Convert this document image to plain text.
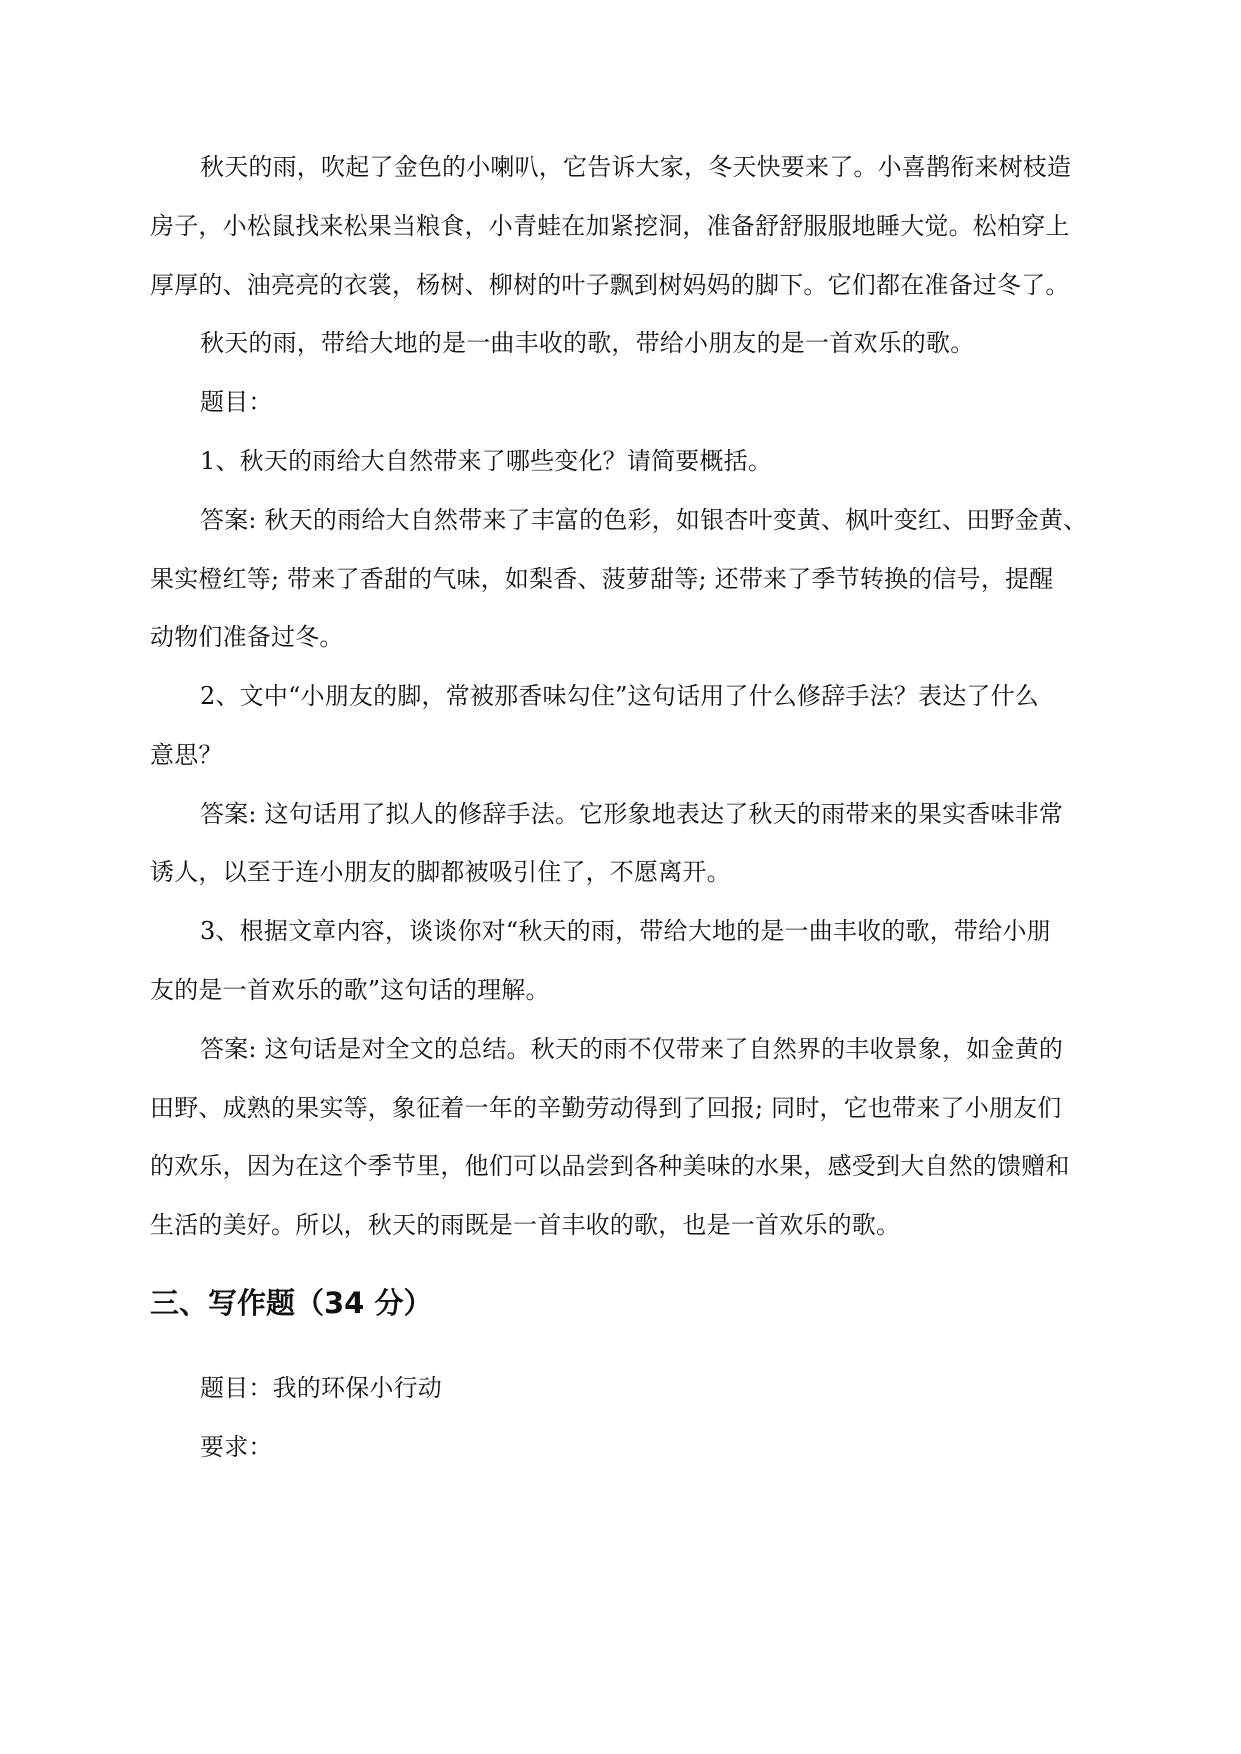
秋天的雨，吹起了金色的小喇叭，它告诉大家，冬天快要来了。小喜鹊衔来树枝造
房子，小松鼠找来松果当粮食，小青蛙在加紧挖洞，准备舒舒服服地睡大觉。松柏穿上
厚厚的、油亮亮的衣裳，杨树、柳树的叶子飘到树妈妈的脚下。它们都在准备过冬了。
秋天的雨，带给大地的是一曲丰收的歌，带给小朋友的是一首欢乐的歌。
题目：
1、秋天的雨给大自然带来了哪些变化？请简要概括。
答案: 秋天的雨给大自然带来了丰富的色彩，如银杏叶变黄、枫叶变红、田野金黄、
果实橙红等; 带来了香甜的气味，如梨香、菠萝甜等; 还带来了季节转换的信号，提醒
动物们准备过冬。
2、文中“小朋友的脚，常被那香味勾住”这句话用了什么修辞手法？表达了什么
意思？
答案: 这句话用了拟人的修辞手法。它形象地表达了秋天的雨带来的果实香味非常
诱人，以至于连小朋友的脚都被吸引住了，不愿离开。
3、根据文章内容，谈谈你对“秋天的雨，带给大地的是一曲丰收的歌，带给小朋
友的是一首欢乐的歌”这句话的理解。
答案: 这句话是对全文的总结。秋天的雨不仅带来了自然界的丰收景象，如金黄的
田野、成熟的果实等，象征着一年的辛勤劳动得到了回报; 同时，它也带来了小朋友们
的欢乐，因为在这个季节里，他们可以品尝到各种美味的水果，感受到大自然的馈赠和
生活的美好。所以，秋天的雨既是一首丰收的歌，也是一首欢乐的歌。
三、写作题（34 分）
题目：我的环保小行动
要求：
